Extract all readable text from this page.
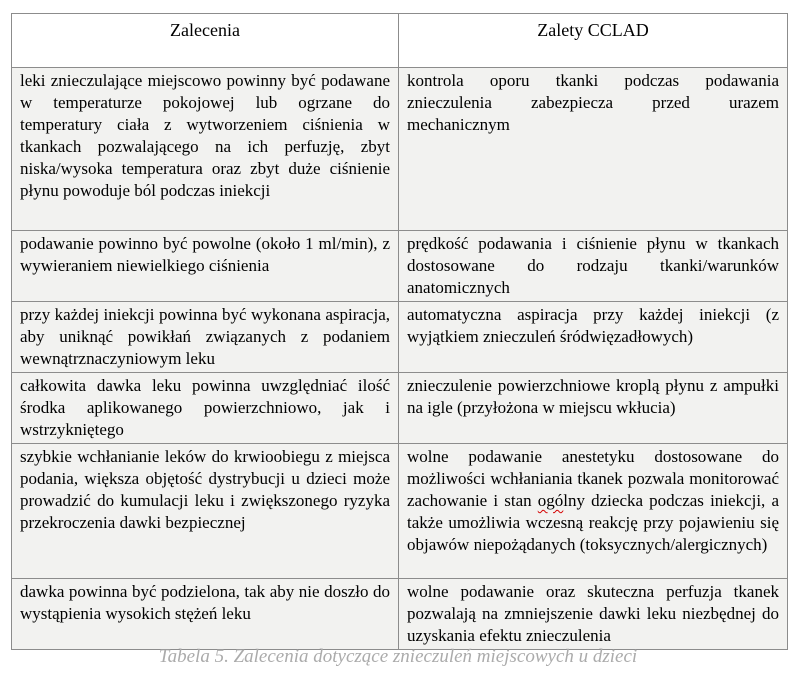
Zalecenia	Zalety CCLAD
leki znieczulające miejscowo powinny być podawane w temperaturze pokojowej lub ogrzane do temperatury ciała z wytworzeniem ciśnienia w tkankach pozwalającego na ich perfuzję, zbyt niska/wysoka temperatura oraz zbyt duże ciśnienie płynu powoduje ból podczas iniekcji	kontrola oporu tkanki podczas podawania znieczulenia zabezpiecza przed urazem mechanicznym
podawanie powinno być powolne (około 1 ml/min), z wywieraniem niewielkiego ciśnienia	prędkość podawania i ciśnienie płynu w tkankach dostosowane do rodzaju tkanki/warunków anatomicznych
przy każdej iniekcji powinna być wykonana aspiracja, aby uniknąć powikłań związanych z podaniem wewnątrznaczyniowym leku	automatyczna aspiracja przy każdej iniekcji (z wyjątkiem znieczuleń śródwięzadłowych)
całkowita dawka leku powinna uwzględniać ilość środka aplikowanego powierzchniowo, jak i wstrzykniętego	znieczulenie powierzchniowe kroplą płynu z ampułki na igle (przyłożona w miejscu wkłucia)
szybkie wchłanianie leków do krwioobiegu z miejsca podania, większa objętość dystrybucji u dzieci może prowadzić do kumulacji leku i zwiększonego ryzyka przekroczenia dawki bezpiecznej	wolne podawanie anestetyku dostosowane do możliwości wchłaniania tkanek pozwala monitorować zachowanie i stan ogólny dziecka podczas iniekcji, a także umożliwia wczesną reakcję przy pojawieniu się objawów niepożądanych (toksycznych/alergicznych)
dawka powinna być podzielona, tak aby nie doszło do wystąpienia wysokich stężeń leku	wolne podawanie oraz skuteczna perfuzja tkanek pozwalają na zmniejszenie dawki leku niezbędnej do uzyskania efektu znieczulenia
Tabela 5. Zalecenia dotyczące znieczuleń miejscowych u dzieci
